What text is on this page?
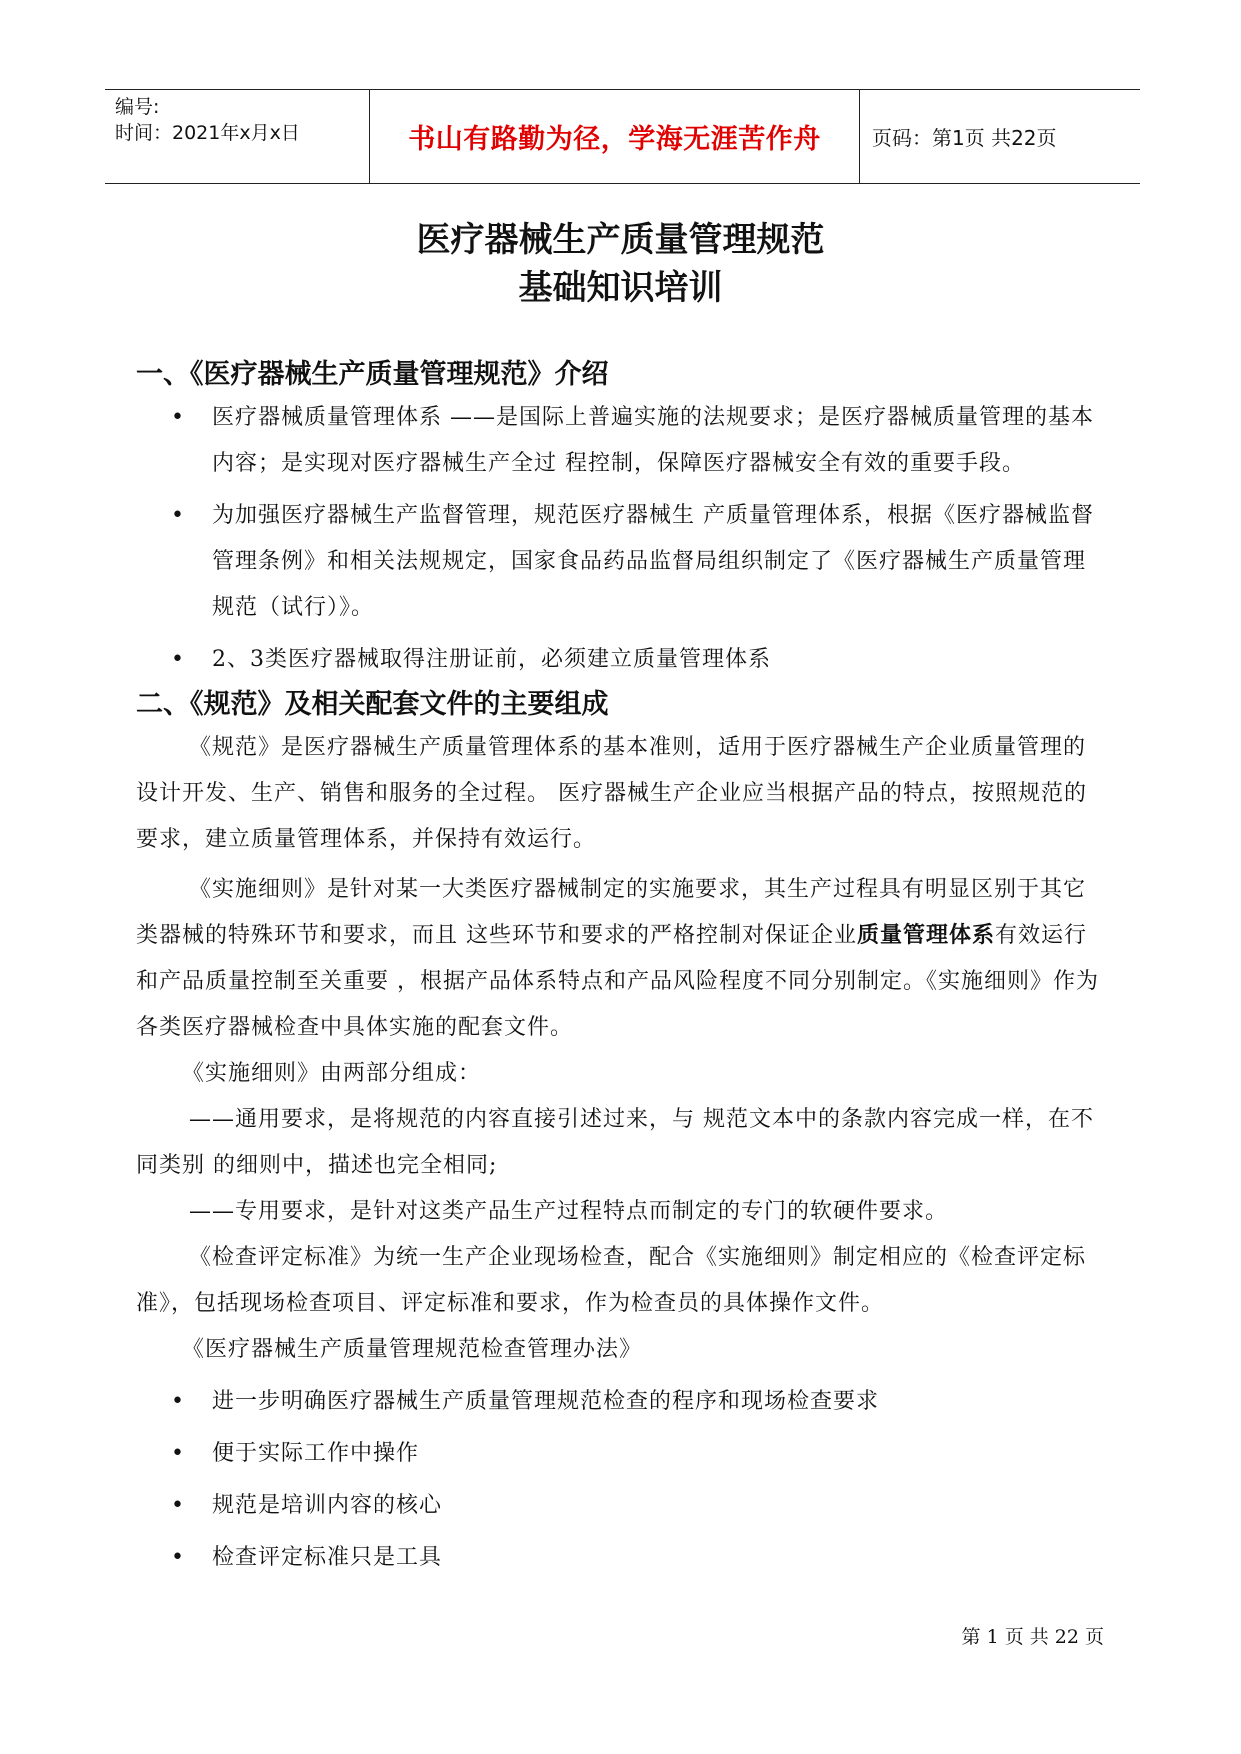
编号:
时间：2021年x月x日	书山有路勤为径，学海无涯苦作舟	页码：第1页 共22页
医疗器械生产质量管理规范
基础知识培训
一、《医疗器械生产质量管理规范》介绍
•	医疗器械质量管理体系 ——是国际上普遍实施的法规要求；是医疗器械质量管理的基本内容；是实现对医疗器械生产全过 程控制，保障医疗器械安全有效的重要手段。
•	为加强医疗器械生产监督管理，规范医疗器械生 产质量管理体系，根据《医疗器械监督管理条例》和相关法规规定，国家食品药品监督局组织制定了《医疗器械生产质量管理规范（试行）》。
•	2、3类医疗器械取得注册证前，必须建立质量管理体系
二、《规范》及相关配套文件的主要组成

《规范》是医疗器械生产质量管理体系的基本准则，适用于医疗器械生产企业质量管理的设计开发、生产、销售和服务的全过程。 医疗器械生产企业应当根据产品的特点，按照规范的要求，建立质量管理体系，并保持有效运行。

《实施细则》是针对某一大类医疗器械制定的实施要求，其生产过程具有明显区别于其它类器械的特殊环节和要求，而且 这些环节和要求的严格控制对保证企业质量管理体系有效运行和产品质量控制至关重要 ，根据产品体系特点和产品风险程度不同分别制定。《实施细则》作为各类医疗器械检查中具体实施的配套文件。

《实施细则》由两部分组成：

——通用要求，是将规范的内容直接引述过来，与 规范文本中的条款内容完成一样，在不同类别 的细则中，描述也完全相同;

——专用要求，是针对这类产品生产过程特点而制定的专门的软硬件要求。

《检查评定标准》为统一生产企业现场检查，配合《实施细则》制定相应的《检查评定标准》，包括现场检查项目、评定标准和要求，作为检查员的具体操作文件。

《医疗器械生产质量管理规范检查管理办法》

•	进一步明确医疗器械生产质量管理规范检查的程序和现场检查要求
•	便于实际工作中操作
•	规范是培训内容的核心
•	检查评定标准只是工具
第 1 页 共 22 页
